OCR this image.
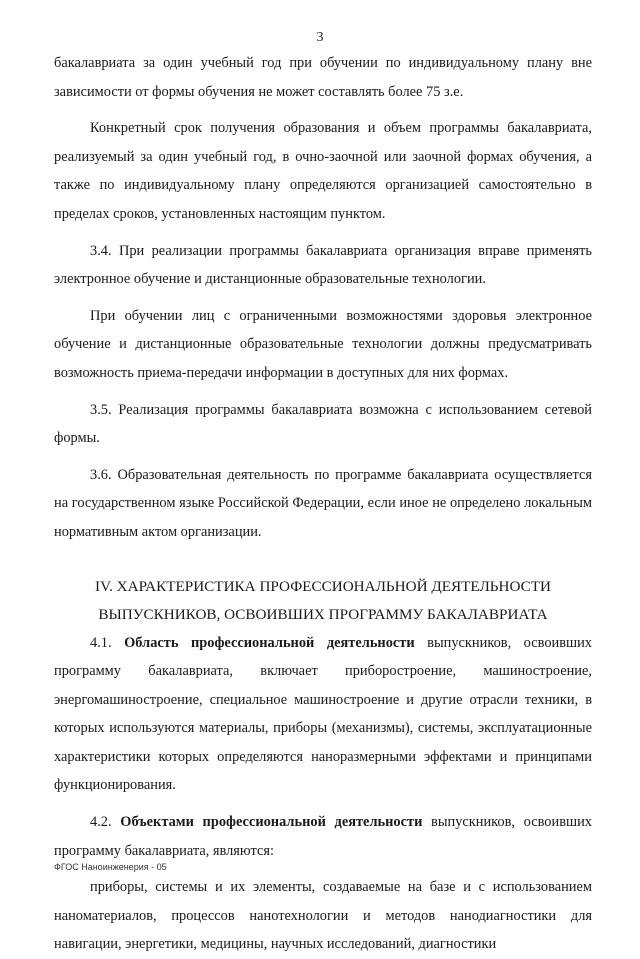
3

бакалавриата за один учебный год при обучении по индивидуальному плану вне зависимости от формы обучения не может составлять более 75 з.е.

Конкретный срок получения образования и объем программы бакалавриата, реализуемый за один учебный год, в очно-заочной или заочной формах обучения, а также по индивидуальному плану определяются организацией самостоятельно в пределах сроков, установленных настоящим пунктом.

3.4. При реализации программы бакалавриата организация вправе применять электронное обучение и дистанционные образовательные технологии.

При обучении лиц с ограниченными возможностями здоровья электронное обучение и дистанционные образовательные технологии должны предусматривать возможность приема-передачи информации в доступных для них формах.

3.5. Реализация программы бакалавриата возможна с использованием сетевой формы.

3.6. Образовательная деятельность по программе бакалавриата осуществляется на государственном языке Российской Федерации, если иное не определено локальным нормативным актом организации.

IV. ХАРАКТЕРИСТИКА ПРОФЕССИОНАЛЬНОЙ ДЕЯТЕЛЬНОСТИ
ВЫПУСКНИКОВ, ОСВОИВШИХ ПРОГРАММУ БАКАЛАВРИАТА

4.1. Область профессиональной деятельности выпускников, освоивших программу бакалавриата, включает приборостроение, машиностроение, энергомашиностроение, специальное машиностроение и другие отрасли техники, в которых используются материалы, приборы (механизмы), системы, эксплуатационные характеристики которых определяются наноразмерными эффектами и принципами функционирования.

4.2. Объектами профессиональной деятельности выпускников, освоивших программу бакалавриата, являются:

приборы, системы и их элементы, создаваемые на базе и с использованием наноматериалов, процессов нанотехнологии и методов нанодиагностики для навигации, энергетики, медицины, научных исследований, диагностики

ФГОС Наноинженерия - 05
